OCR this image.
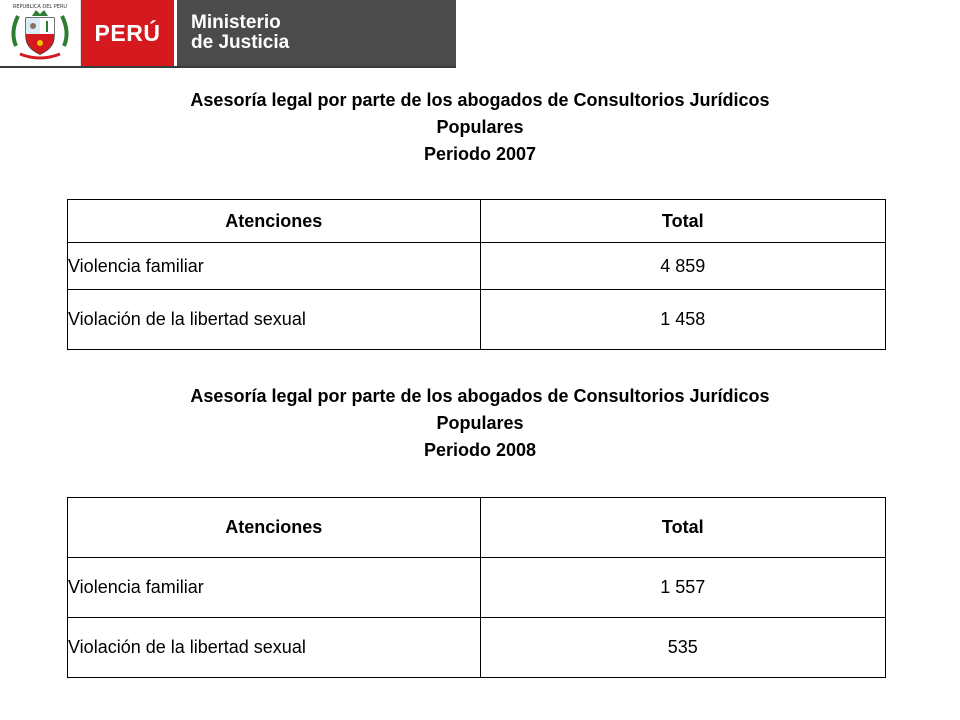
REPUBLICA DEL PERU
PERÚ Ministerio
de Justicia
Asesoría legal por parte de los abogados de Consultorios Jurídicos
Populares
Periodo 2007
Atenciones	Total
Violencia familiar	4 859
Violación de la libertad sexual	1 458
Asesoría legal por parte de los abogados de Consultorios Jurídicos
Populares
Periodo 2008
Atenciones	Total
Violencia familiar	1 557
Violación de la libertad sexual	535
